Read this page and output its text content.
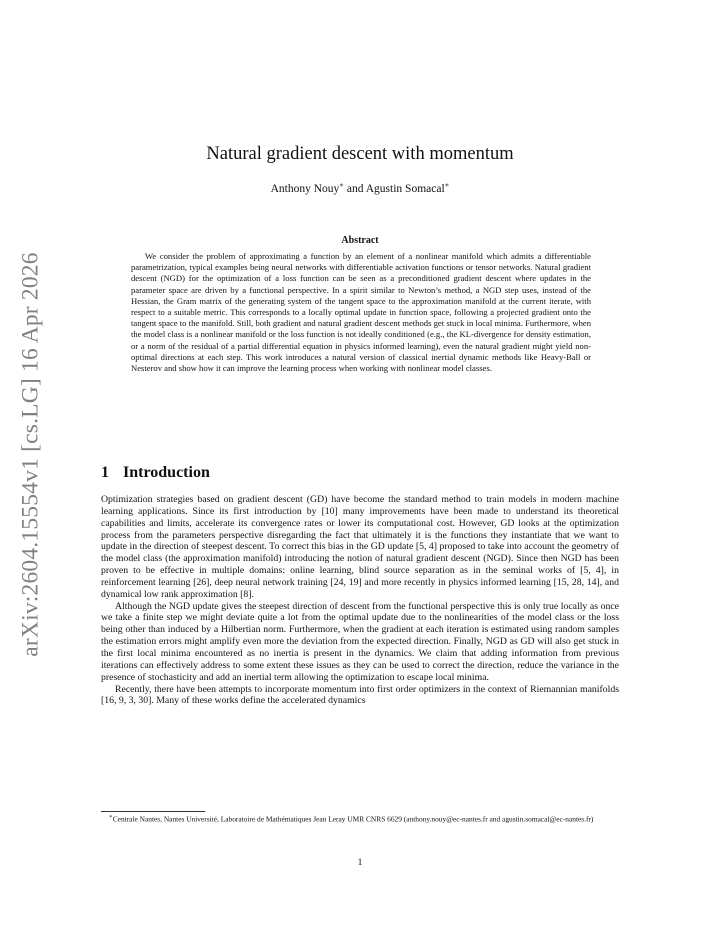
arXiv:2604.15554v1 [cs.LG] 16 Apr 2026
Natural gradient descent with momentum
Anthony Nouy∗ and Agustin Somacal∗
Abstract

We consider the problem of approximating a function by an element of a nonlinear manifold which admits a differentiable parametrization, typical examples being neural networks with differentiable activation functions or tensor networks. Natural gradient descent (NGD) for the optimization of a loss function can be seen as a preconditioned gradient descent where updates in the parameter space are driven by a functional perspective. In a spirit similar to Newton’s method, a NGD step uses, instead of the Hessian, the Gram matrix of the generating system of the tangent space to the approximation manifold at the current iterate, with respect to a suitable metric. This corresponds to a locally optimal update in function space, following a projected gradient onto the tangent space to the manifold. Still, both gradient and natural gradient descent methods get stuck in local minima. Furthermore, when the model class is a nonlinear manifold or the loss function is not ideally conditioned (e.g., the KL-divergence for density estimation, or a norm of the residual of a partial differential equation in physics informed learning), even the natural gradient might yield non-optimal directions at each step. This work introduces a natural version of classical inertial dynamic methods like Heavy-Ball or Nesterov and show how it can improve the learning process when working with nonlinear model classes.

1 Introduction

Optimization strategies based on gradient descent (GD) have become the standard method to train models in modern machine learning applications. Since its first introduction by [10] many improvements have been made to understand its theoretical capabilities and limits, accelerate its convergence rates or lower its computational cost. However, GD looks at the optimization process from the parameters perspective disregarding the fact that ultimately it is the functions they instantiate that we want to update in the direction of steepest descent. To correct this bias in the GD update [5, 4] proposed to take into account the geometry of the model class (the approximation manifold) introducing the notion of natural gradient descent (NGD). Since then NGD has been proven to be effective in multiple domains: online learning, blind source separation as in the seminal works of [5, 4], in reinforcement learning [26], deep neural network training [24, 19] and more recently in physics informed learning [15, 28, 14], and dynamical low rank approximation [8].

Although the NGD update gives the steepest direction of descent from the functional perspective this is only true locally as once we take a finite step we might deviate quite a lot from the optimal update due to the nonlinearities of the model class or the loss being other than induced by a Hilbertian norm. Furthermore, when the gradient at each iteration is estimated using random samples the estimation errors might amplify even more the deviation from the expected direction. Finally, NGD as GD will also get stuck in the first local minima encountered as no inertia is present in the dynamics. We claim that adding information from previous iterations can effectively address to some extent these issues as they can be used to correct the direction, reduce the variance in the presence of stochasticity and add an inertial term allowing the optimization to escape local minima.

Recently, there have been attempts to incorporate momentum into first order optimizers in the context of Riemannian manifolds [16, 9, 3, 30]. Many of these works define the accelerated dynamics

∗Centrale Nantes, Nantes Université, Laboratoire de Mathématiques Jean Leray UMR CNRS 6629 (anthony.nouy@ec-nantes.fr and agustin.somacal@ec-nantes.fr)
1
